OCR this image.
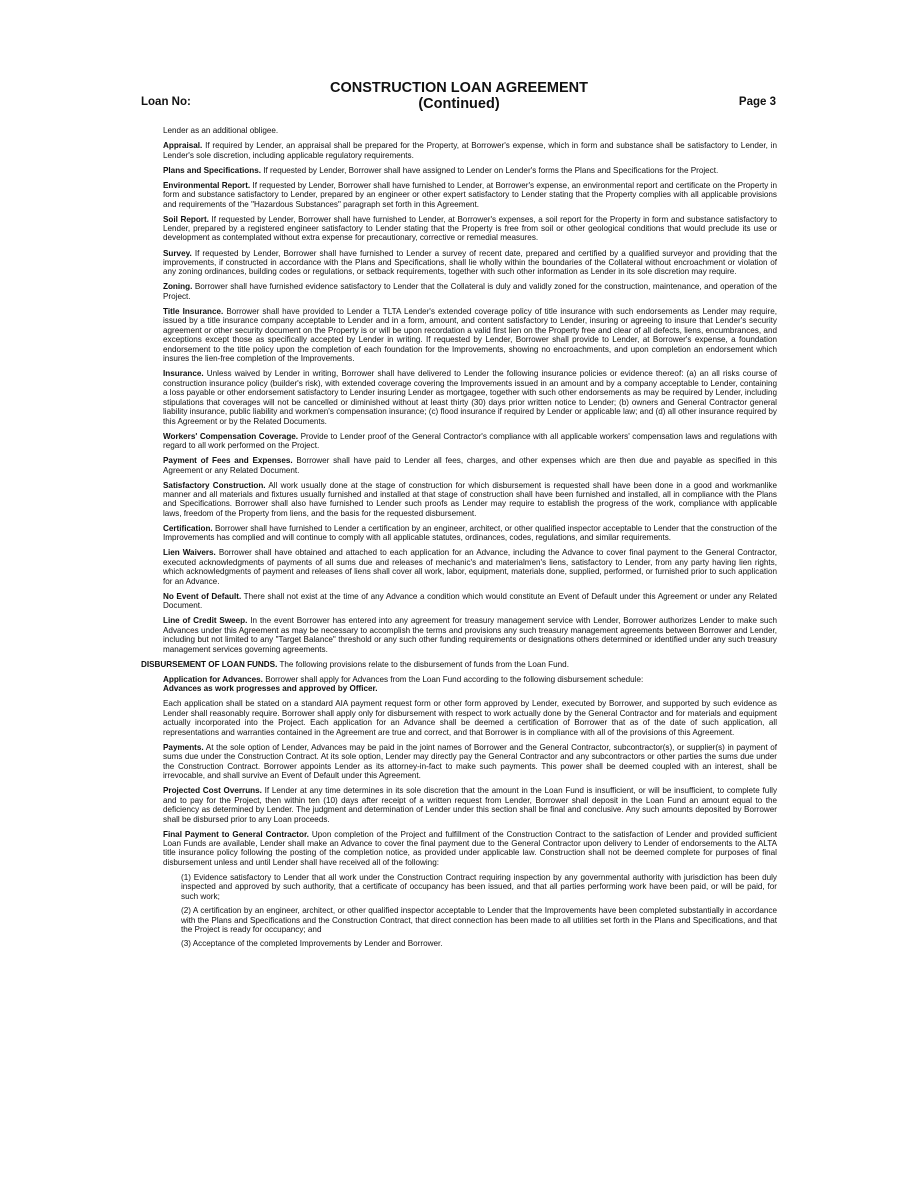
CONSTRUCTION LOAN AGREEMENT
(Continued)
Loan No:	Page 3

Lender as an additional obligee.

Appraisal. If required by Lender, an appraisal shall be prepared for the Property, at Borrower's expense, which in form and substance shall be satisfactory to Lender, in Lender's sole discretion, including applicable regulatory requirements.

Plans and Specifications. If requested by Lender, Borrower shall have assigned to Lender on Lender's forms the Plans and Specifications for the Project.

Environmental Report. If requested by Lender, Borrower shall have furnished to Lender, at Borrower's expense, an environmental report and certificate on the Property in form and substance satisfactory to Lender, prepared by an engineer or other expert satisfactory to Lender stating that the Property complies with all applicable provisions and requirements of the "Hazardous Substances" paragraph set forth in this Agreement.

Soil Report. If requested by Lender, Borrower shall have furnished to Lender, at Borrower's expenses, a soil report for the Property in form and substance satisfactory to Lender, prepared by a registered engineer satisfactory to Lender stating that the Property is free from soil or other geological conditions that would preclude its use or development as contemplated without extra expense for precautionary, corrective or remedial measures.

Survey. If requested by Lender, Borrower shall have furnished to Lender a survey of recent date, prepared and certified by a qualified surveyor and providing that the improvements, if constructed in accordance with the Plans and Specifications, shall lie wholly within the boundaries of the Collateral without encroachment or violation of any zoning ordinances, building codes or regulations, or setback requirements, together with such other information as Lender in its sole discretion may require.

Zoning. Borrower shall have furnished evidence satisfactory to Lender that the Collateral is duly and validly zoned for the construction, maintenance, and operation of the Project.

Title Insurance. Borrower shall have provided to Lender a TLTA Lender's extended coverage policy of title insurance with such endorsements as Lender may require, issued by a title insurance company acceptable to Lender and in a form, amount, and content satisfactory to Lender, insuring or agreeing to insure that Lender's security agreement or other security document on the Property is or will be upon recordation a valid first lien on the Property free and clear of all defects, liens, encumbrances, and exceptions except those as specifically accepted by Lender in writing. If requested by Lender, Borrower shall provide to Lender, at Borrower's expense, a foundation endorsement to the title policy upon the completion of each foundation for the Improvements, showing no encroachments, and upon completion an endorsement which insures the lien-free completion of the Improvements.

Insurance. Unless waived by Lender in writing, Borrower shall have delivered to Lender the following insurance policies or evidence thereof: (a) an all risks course of construction insurance policy (builder's risk), with extended coverage covering the Improvements issued in an amount and by a company acceptable to Lender, containing a loss payable or other endorsement satisfactory to Lender insuring Lender as mortgagee, together with such other endorsements as may be required by Lender, including stipulations that coverages will not be cancelled or diminished without at least thirty (30) days prior written notice to Lender; (b) owners and General Contractor general liability insurance, public liability and workmen's compensation insurance; (c) flood insurance if required by Lender or applicable law; and (d) all other insurance required by this Agreement or by the Related Documents.

Workers' Compensation Coverage. Provide to Lender proof of the General Contractor's compliance with all applicable workers' compensation laws and regulations with regard to all work performed on the Project.

Payment of Fees and Expenses. Borrower shall have paid to Lender all fees, charges, and other expenses which are then due and payable as specified in this Agreement or any Related Document.

Satisfactory Construction. All work usually done at the stage of construction for which disbursement is requested shall have been done in a good and workmanlike manner and all materials and fixtures usually furnished and installed at that stage of construction shall have been furnished and installed, all in compliance with the Plans and Specifications. Borrower shall also have furnished to Lender such proofs as Lender may require to establish the progress of the work, compliance with applicable laws, freedom of the Property from liens, and the basis for the requested disbursement.

Certification. Borrower shall have furnished to Lender a certification by an engineer, architect, or other qualified inspector acceptable to Lender that the construction of the Improvements has complied and will continue to comply with all applicable statutes, ordinances, codes, regulations, and similar requirements.

Lien Waivers. Borrower shall have obtained and attached to each application for an Advance, including the Advance to cover final payment to the General Contractor, executed acknowledgments of payments of all sums due and releases of mechanic's and materialmen's liens, satisfactory to Lender, from any party having lien rights, which acknowledgments of payment and releases of liens shall cover all work, labor, equipment, materials done, supplied, performed, or furnished prior to such application for an Advance.

No Event of Default. There shall not exist at the time of any Advance a condition which would constitute an Event of Default under this Agreement or under any Related Document.

Line of Credit Sweep. In the event Borrower has entered into any agreement for treasury management service with Lender, Borrower authorizes Lender to make such Advances under this Agreement as may be necessary to accomplish the terms and provisions any such treasury management agreements between Borrower and Lender, including but not limited to any "Target Balance" threshold or any such other funding requirements or designations others determined or identified under any such treasury management services governing agreements.

DISBURSEMENT OF LOAN FUNDS. The following provisions relate to the disbursement of funds from the Loan Fund.

Application for Advances. Borrower shall apply for Advances from the Loan Fund according to the following disbursement schedule:
Advances as work progresses and approved by Officer.

Each application shall be stated on a standard AIA payment request form or other form approved by Lender, executed by Borrower, and supported by such evidence as Lender shall reasonably require. Borrower shall apply only for disbursement with respect to work actually done by the General Contractor and for materials and equipment actually incorporated into the Project. Each application for an Advance shall be deemed a certification of Borrower that as of the date of such application, all representations and warranties contained in the Agreement are true and correct, and that Borrower is in compliance with all of the provisions of this Agreement.

Payments. At the sole option of Lender, Advances may be paid in the joint names of Borrower and the General Contractor, subcontractor(s), or supplier(s) in payment of sums due under the Construction Contract. At its sole option, Lender may directly pay the General Contractor and any subcontractors or other parties the sums due under the Construction Contract. Borrower appoints Lender as its attorney-in-fact to make such payments. This power shall be deemed coupled with an interest, shall be irrevocable, and shall survive an Event of Default under this Agreement.

Projected Cost Overruns. If Lender at any time determines in its sole discretion that the amount in the Loan Fund is insufficient, or will be insufficient, to complete fully and to pay for the Project, then within ten (10) days after receipt of a written request from Lender, Borrower shall deposit in the Loan Fund an amount equal to the deficiency as determined by Lender. The judgment and determination of Lender under this section shall be final and conclusive. Any such amounts deposited by Borrower shall be disbursed prior to any Loan proceeds.

Final Payment to General Contractor. Upon completion of the Project and fulfillment of the Construction Contract to the satisfaction of Lender and provided sufficient Loan Funds are available, Lender shall make an Advance to cover the final payment due to the General Contractor upon delivery to Lender of endorsements to the ALTA title insurance policy following the posting of the completion notice, as provided under applicable law. Construction shall not be deemed complete for purposes of final disbursement unless and until Lender shall have received all of the following:

(1) Evidence satisfactory to Lender that all work under the Construction Contract requiring inspection by any governmental authority with jurisdiction has been duly inspected and approved by such authority, that a certificate of occupancy has been issued, and that all parties performing work have been paid, or will be paid, for such work;

(2) A certification by an engineer, architect, or other qualified inspector acceptable to Lender that the Improvements have been completed substantially in accordance with the Plans and Specifications and the Construction Contract, that direct connection has been made to all utilities set forth in the Plans and Specifications, and that the Project is ready for occupancy; and

(3) Acceptance of the completed Improvements by Lender and Borrower.
